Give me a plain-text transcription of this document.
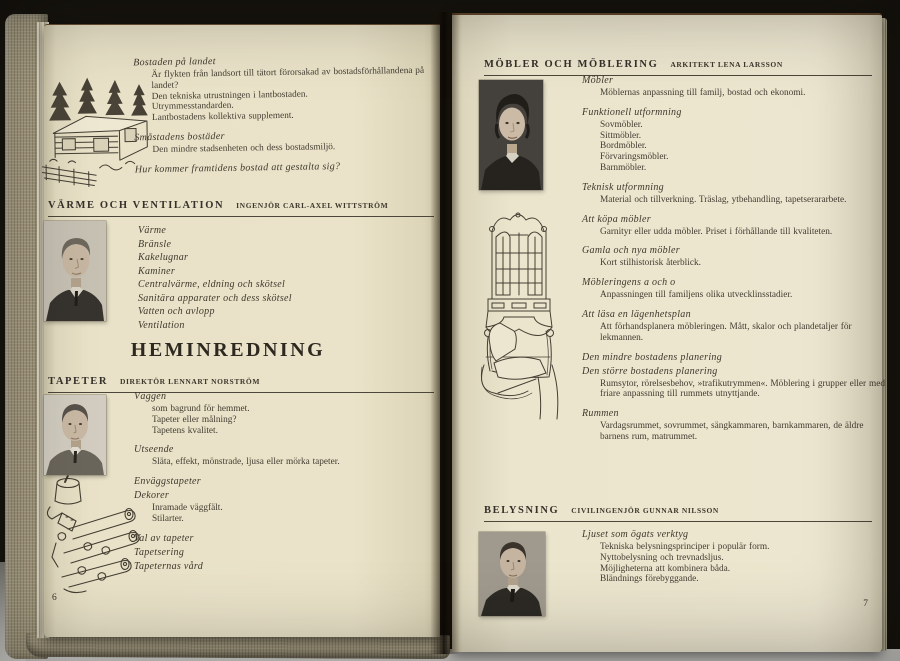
Bostaden på landet
Är flykten från landsort till tätort förorsakad av bostadsförhållandena på landet?
Den tekniska utrustningen i lantbostaden.
Utrymmesstandarden.
Lantbostadens kollektiva supplement.
Småstadens bostäder
Den mindre stadsenheten och dess bostadsmiljö.
Hur kommer framtidens bostad att gestalta sig?
VÄRME OCH VENTILATION INGENJÖR CARL-AXEL WITTSTRÖM
Värme
Bränsle
Kakelugnar
Kaminer
Centralvärme, eldning och skötsel
Sanitära apparater och dess skötsel
Vatten och avlopp
Ventilation
HEMINREDNING
TAPETER DIREKTÖR LENNART NORSTRÖM
Väggen
som bagrund för hemmet.
Tapeter eller målning?
Tapetens kvalitet.
Utseende
Släta, effekt, mönstrade, ljusa eller mörka tapeter.
Enväggstapeter
Dekorer
Inramade väggfält.
Stilarter.
Val av tapeter
Tapetsering
Tapeternas vård
6
MÖBLER OCH MÖBLERING ARKITEKT LENA LARSSON
Möbler
Möblernas anpassning till familj, bostad och ekonomi.
Funktionell utformning
Sovmöbler.
Sittmöbler.
Bordmöbler.
Förvaringsmöbler.
Barnmöbler.
Teknisk utformning
Material och tillverkning. Träslag, ytbehandling, tapetserararbete.
Att köpa möbler
Garnityr eller udda möbler. Priset i förhållande till kvaliteten.
Gamla och nya möbler
Kort stilhistorisk återblick.
Möbleringens a och o
Anpassningen till familjens olika utvecklinsstadier.
Att läsa en lägenhetsplan
Att förhandsplanera möbleringen. Mått, skalor och plandetaljer för lekmannen.
Den mindre bostadens planering
Den större bostadens planering
Rumsytor, rörelsesbehov, »trafikutrymmen«. Möblering i grupper eller med friare anpassning till rummets utnyttjande.
Rummen
Vardagsrummet, sovrummet, sängkammaren, barnkammaren, de äldre barnens rum, matrummet.
BELYSNING CIVILINGENJÖR GUNNAR NILSSON
Ljuset som ögats verktyg
Tekniska belysningsprinciper i populär form.
Nyttobelysning och trevnadsljus.
Möjligheterna att kombinera båda.
Bländnings förebyggande.
7
